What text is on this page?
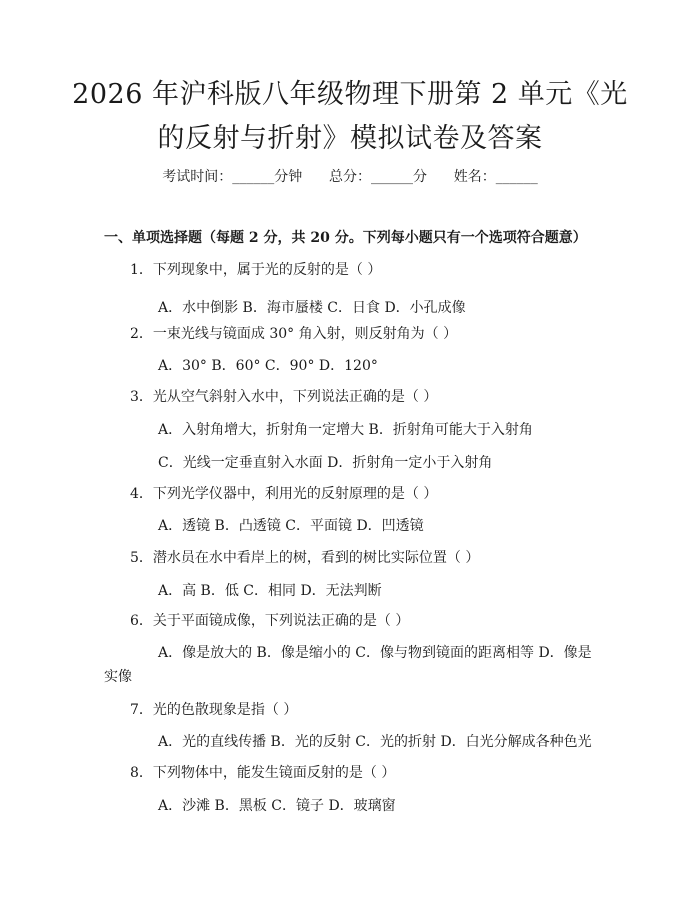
2026 年沪科版八年级物理下册第 2 单元《光
的反射与折射》模拟试卷及答案
考试时间：______分钟      总分：______分      姓名：______
一、单项选择题（每题 2 分，共 20 分。下列每小题只有一个选项符合题意）
1．下列现象中，属于光的反射的是（ ）
A．水中倒影 B．海市蜃楼 C．日食 D．小孔成像
2．一束光线与镜面成 30° 角入射，则反射角为（ ）
A．30° B．60° C．90° D．120°
3．光从空气斜射入水中，下列说法正确的是（ ）
A．入射角增大，折射角一定增大 B．折射角可能大于入射角
C．光线一定垂直射入水面 D．折射角一定小于入射角
4．下列光学仪器中，利用光的反射原理的是（ ）
A．透镜 B．凸透镜 C．平面镜 D．凹透镜
5．潜水员在水中看岸上的树，看到的树比实际位置（ ）
A．高 B．低 C．相同 D．无法判断
6．关于平面镜成像，下列说法正确的是（ ）
A．像是放大的 B．像是缩小的 C．像与物到镜面的距离相等 D．像是实像
7．光的色散现象是指（ ）
A．光的直线传播 B．光的反射 C．光的折射 D．白光分解成各种色光
8．下列物体中，能发生镜面反射的是（ ）
A．沙滩 B．黑板 C．镜子 D．玻璃窗
